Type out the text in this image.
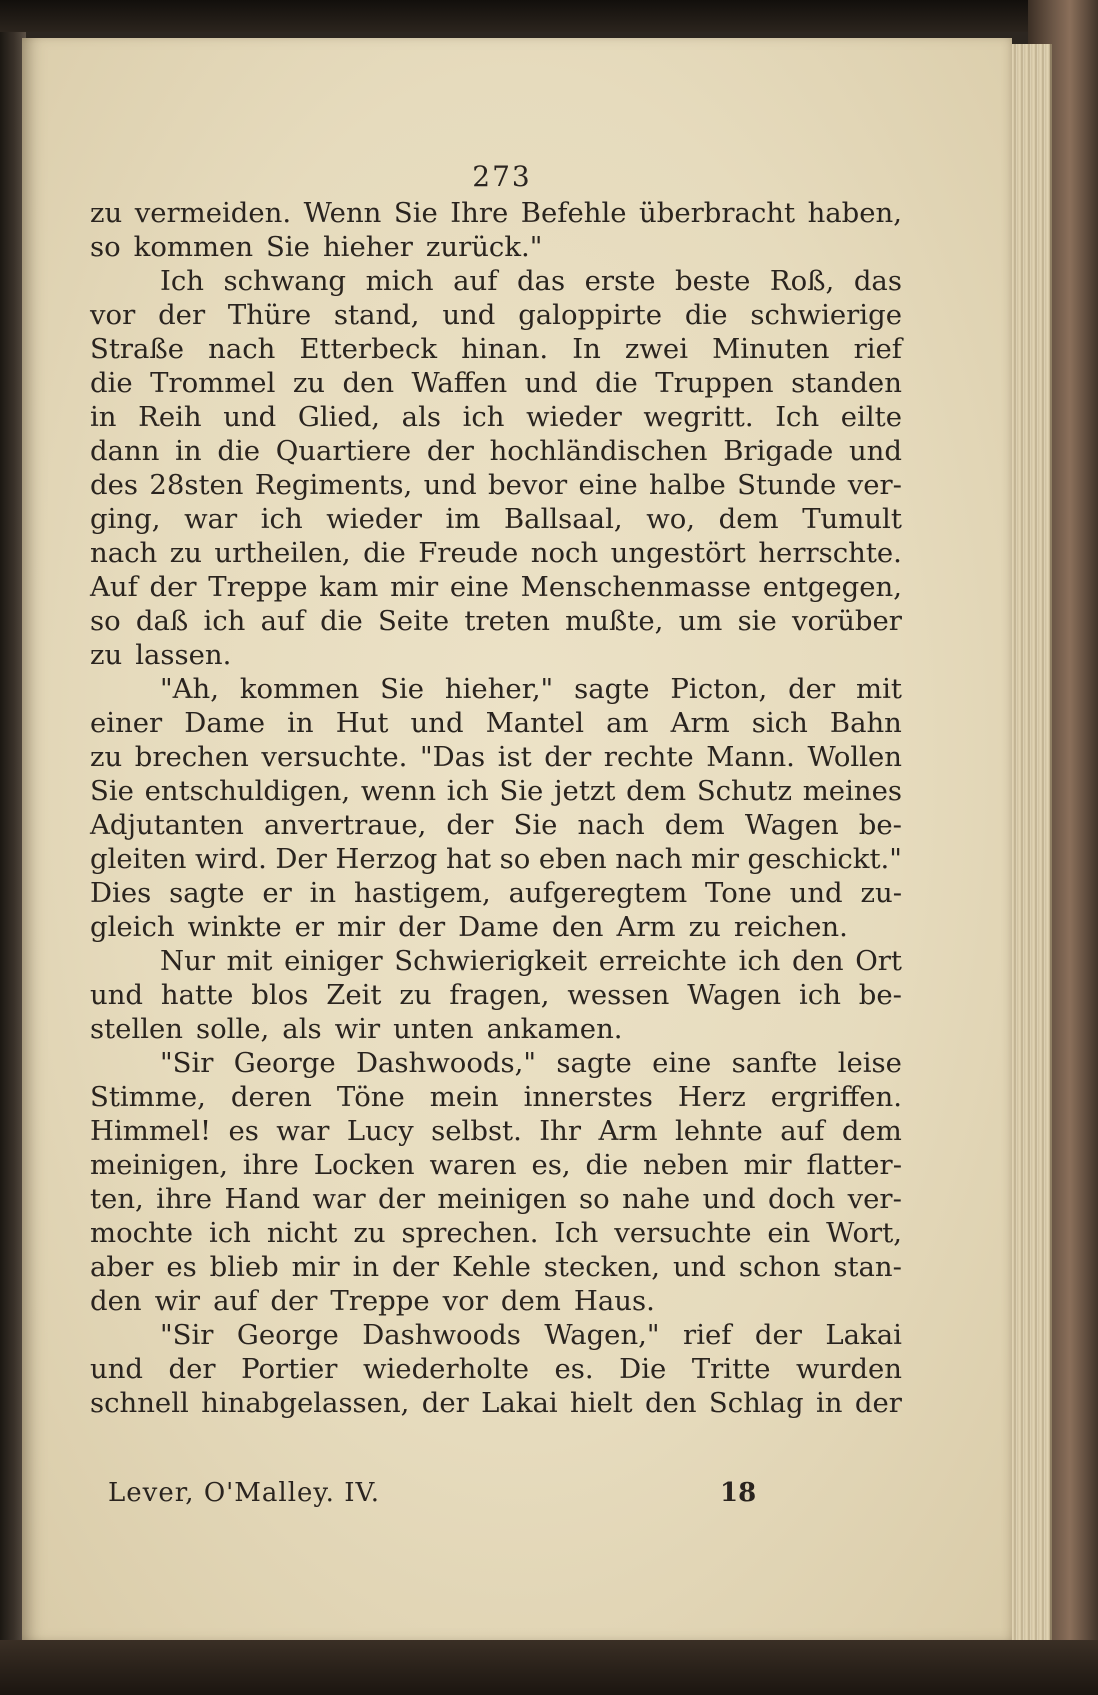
273
zu vermeiden. Wenn Sie Ihre Befehle überbracht haben,
so kommen Sie hieher zurück."
Ich schwang mich auf das erste beste Roß, das
vor der Thüre stand, und galoppirte die schwierige
Straße nach Etterbeck hinan. In zwei Minuten rief
die Trommel zu den Waffen und die Truppen standen
in Reih und Glied, als ich wieder wegritt. Ich eilte
dann in die Quartiere der hochländischen Brigade und
des 28sten Regiments, und bevor eine halbe Stunde ver-
ging, war ich wieder im Ballsaal, wo, dem Tumult
nach zu urtheilen, die Freude noch ungestört herrschte.
Auf der Treppe kam mir eine Menschenmasse entgegen,
so daß ich auf die Seite treten mußte, um sie vorüber
zu lassen.
"Ah, kommen Sie hieher," sagte Picton, der mit
einer Dame in Hut und Mantel am Arm sich Bahn
zu brechen versuchte. "Das ist der rechte Mann. Wollen
Sie entschuldigen, wenn ich Sie jetzt dem Schutz meines
Adjutanten anvertraue, der Sie nach dem Wagen be-
gleiten wird. Der Herzog hat so eben nach mir geschickt."
Dies sagte er in hastigem, aufgeregtem Tone und zu-
gleich winkte er mir der Dame den Arm zu reichen.
Nur mit einiger Schwierigkeit erreichte ich den Ort
und hatte blos Zeit zu fragen, wessen Wagen ich be-
stellen solle, als wir unten ankamen.
"Sir George Dashwoods," sagte eine sanfte leise
Stimme, deren Töne mein innerstes Herz ergriffen.
Himmel! es war Lucy selbst. Ihr Arm lehnte auf dem
meinigen, ihre Locken waren es, die neben mir flatter-
ten, ihre Hand war der meinigen so nahe und doch ver-
mochte ich nicht zu sprechen. Ich versuchte ein Wort,
aber es blieb mir in der Kehle stecken, und schon stan-
den wir auf der Treppe vor dem Haus.
"Sir George Dashwoods Wagen," rief der Lakai
und der Portier wiederholte es. Die Tritte wurden
schnell hinabgelassen, der Lakai hielt den Schlag in der
Lever, O'Malley. IV.	18
